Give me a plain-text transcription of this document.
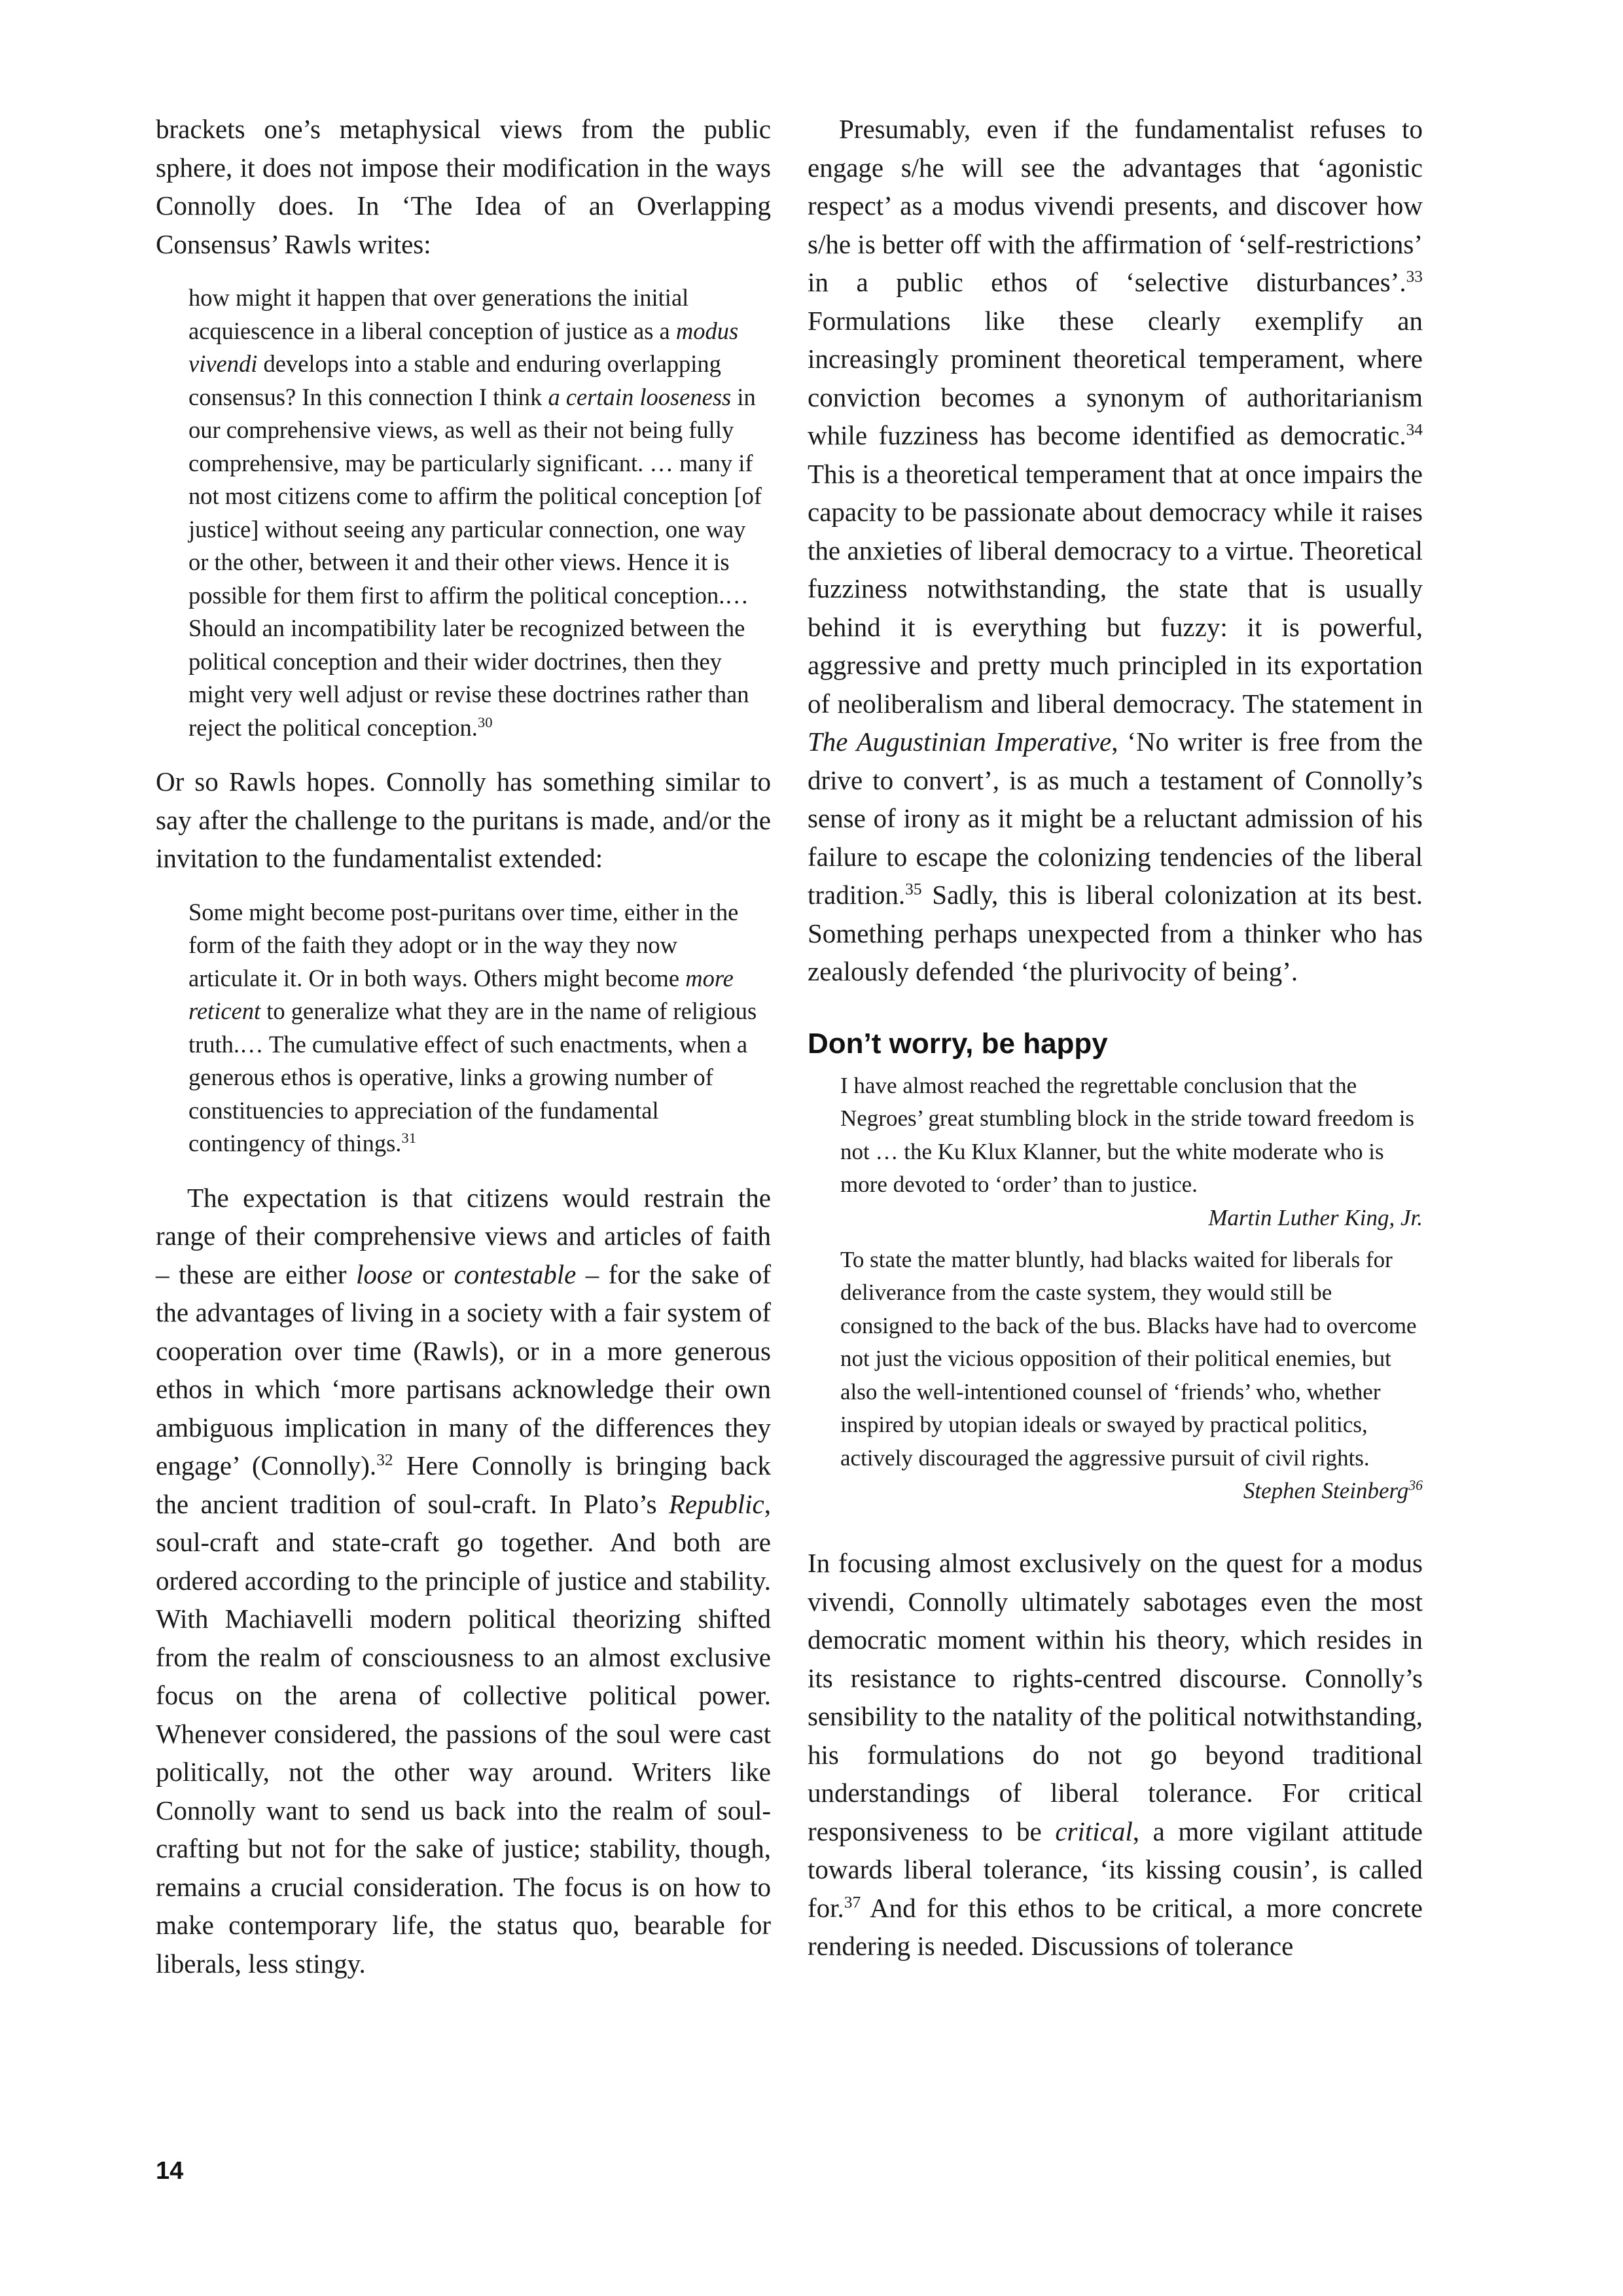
brackets one’s metaphysical views from the public sphere, it does not impose their modification in the ways Connolly does. In ‘The Idea of an Overlapping Consensus’ Rawls writes:

how might it happen that over generations the initial acquiescence in a liberal conception of justice as a modus vivendi develops into a stable and enduring overlapping consensus? In this connection I think a certain looseness in our comprehensive views, as well as their not being fully comprehensive, may be particularly significant. … many if not most citizens come to affirm the political conception [of justice] without seeing any particular connection, one way or the other, between it and their other views. Hence it is possible for them first to affirm the political conception.… Should an incompatibility later be recognized between the political conception and their wider doctrines, then they might very well adjust or revise these doctrines rather than reject the political conception.$^{30}$

Or so Rawls hopes. Connolly has something similar to say after the challenge to the puritans is made, and/or the invitation to the fundamentalist extended:

Some might become post-puritans over time, either in the form of the faith they adopt or in the way they now articulate it. Or in both ways. Others might become more reticent to generalize what they are in the name of religious truth.… The cumulative effect of such enactments, when a generous ethos is operative, links a growing number of constituencies to appreciation of the fundamental contingency of things.$^{31}$

The expectation is that citizens would restrain the range of their comprehensive views and articles of faith – these are either loose or contestable – for the sake of the advantages of living in a society with a fair system of cooperation over time (Rawls), or in a more generous ethos in which ‘more partisans acknowledge their own ambiguous implication in many of the differences they engage’ (Connolly).$^{32}$ Here Connolly is bringing back the ancient tradition of soul-craft. In Plato’s Republic, soul-craft and state-craft go together. And both are ordered according to the principle of justice and stability. With Machiavelli modern political theorizing shifted from the realm of consciousness to an almost exclusive focus on the arena of collective political power. Whenever considered, the passions of the soul were cast politically, not the other way around. Writers like Connolly want to send us back into the realm of soul-crafting but not for the sake of justice; stability, though, remains a crucial consideration. The focus is on how to make contemporary life, the status quo, bearable for liberals, less stingy.

Presumably, even if the fundamentalist refuses to engage s/he will see the advantages that ‘agonistic respect’ as a modus vivendi presents, and discover how s/he is better off with the affirmation of ‘self-restrictions’ in a public ethos of ‘selective disturbances’.$^{33}$ Formulations like these clearly exemplify an increasingly prominent theoretical temperament, where conviction becomes a synonym of authoritarianism while fuzziness has become identified as democratic.$^{34}$ This is a theoretical temperament that at once impairs the capacity to be passionate about democracy while it raises the anxieties of liberal democracy to a virtue. Theoretical fuzziness notwithstanding, the state that is usually behind it is everything but fuzzy: it is powerful, aggressive and pretty much principled in its exportation of neoliberalism and liberal democracy. The statement in The Augustinian Imperative, ‘No writer is free from the drive to convert’, is as much a testament of Connolly’s sense of irony as it might be a reluctant admission of his failure to escape the colonizing tendencies of the liberal tradition.$^{35}$ Sadly, this is liberal colonization at its best. Something perhaps unexpected from a thinker who has zealously defended ‘the plurivocity of being’.

Don’t worry, be happy

I have almost reached the regrettable conclusion that the Negroes’ great stumbling block in the stride toward freedom is not … the Ku Klux Klanner, but the white moderate who is more devoted to ‘order’ than to justice.

Martin Luther King, Jr.

To state the matter bluntly, had blacks waited for liberals for deliverance from the caste system, they would still be consigned to the back of the bus. Blacks have had to overcome not just the vicious opposition of their political enemies, but also the well-intentioned counsel of ‘friends’ who, whether inspired by utopian ideals or swayed by practical politics, actively discouraged the aggressive pursuit of civil rights.

Stephen Steinberg$^{36}$

In focusing almost exclusively on the quest for a modus vivendi, Connolly ultimately sabotages even the most democratic moment within his theory, which resides in its resistance to rights-centred discourse. Connolly’s sensibility to the natality of the political notwithstanding, his formulations do not go beyond traditional understandings of liberal tolerance. For critical responsiveness to be critical, a more vigilant attitude towards liberal tolerance, ‘its kissing cousin’, is called for.$^{37}$ And for this ethos to be critical, a more concrete rendering is needed. Discussions of tolerance

14
